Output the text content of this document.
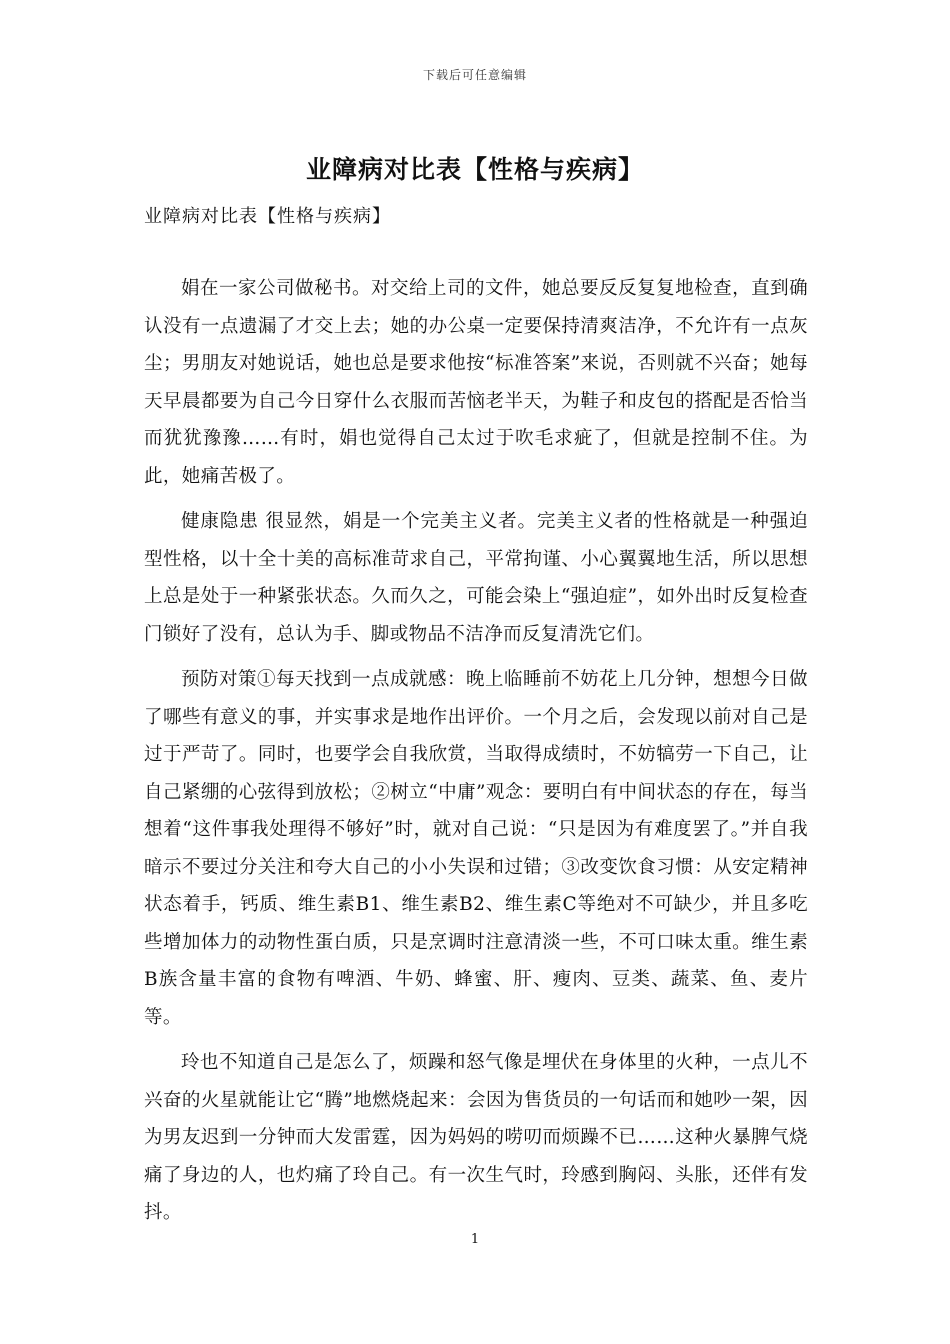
下载后可任意编辑
业障病对比表【性格与疾病】

业障病对比表【性格与疾病】

娟在一家公司做秘书。对交给上司的文件，她总要反反复复地检查，直到确认没有一点遗漏了才交上去；她的办公桌一定要保持清爽洁净，不允许有一点灰尘；男朋友对她说话，她也总是要求他按“标准答案”来说，否则就不兴奋；她每天早晨都要为自己今日穿什么衣服而苦恼老半天，为鞋子和皮包的搭配是否恰当而犹犹豫豫……有时，娟也觉得自己太过于吹毛求疵了，但就是控制不住。为此，她痛苦极了。

健康隐患 很显然，娟是一个完美主义者。完美主义者的性格就是一种强迫型性格，以十全十美的高标准苛求自己，平常拘谨、小心翼翼地生活，所以思想上总是处于一种紧张状态。久而久之，可能会染上“强迫症”，如外出时反复检查门锁好了没有，总认为手、脚或物品不洁净而反复清洗它们。

预防对策①每天找到一点成就感：晚上临睡前不妨花上几分钟，想想今日做了哪些有意义的事，并实事求是地作出评价。一个月之后，会发现以前对自己是过于严苛了。同时，也要学会自我欣赏，当取得成绩时，不妨犒劳一下自己，让自己紧绷的心弦得到放松；②树立“中庸”观念：要明白有中间状态的存在，每当想着“这件事我处理得不够好”时，就对自己说：“只是因为有难度罢了。”并自我暗示不要过分关注和夸大自己的小小失误和过错；③改变饮食习惯：从安定精神状态着手，钙质、维生素B1、维生素B2、维生素C等绝对不可缺少，并且多吃些增加体力的动物性蛋白质，只是烹调时注意清淡一些，不可口味太重。维生素B族含量丰富的食物有啤酒、牛奶、蜂蜜、肝、瘦肉、豆类、蔬菜、鱼、麦片等。

玲也不知道自己是怎么了，烦躁和怒气像是埋伏在身体里的火种，一点儿不兴奋的火星就能让它“腾”地燃烧起来：会因为售货员的一句话而和她吵一架，因为男友迟到一分钟而大发雷霆，因为妈妈的唠叨而烦躁不已……这种火暴脾气烧痛了身边的人，也灼痛了玲自己。有一次生气时，玲感到胸闷、头胀，还伴有发抖。

1
